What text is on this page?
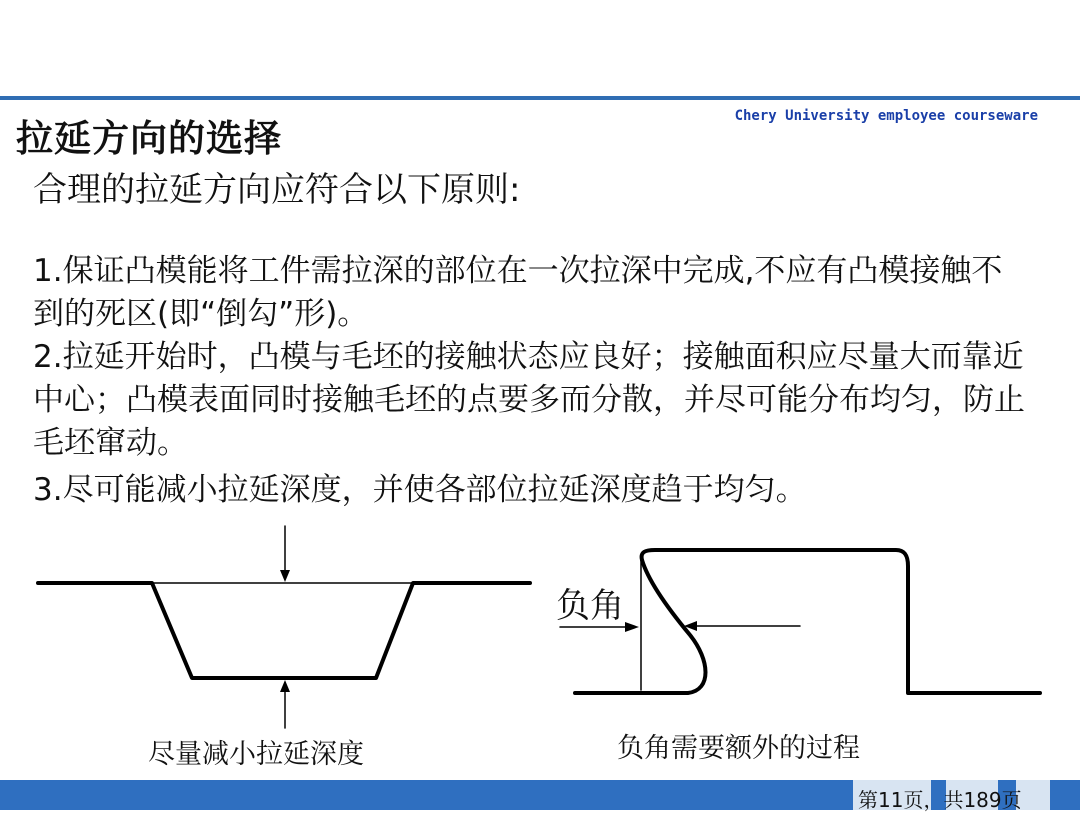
拉延方向的选择
Chery University employee courseware
合理的拉延方向应符合以下原则:

1.保证凸模能将工件需拉深的部位在一次拉深中完成,不应有凸模接触不到的死区(即“倒勾”形)。

2.拉延开始时，凸模与毛坯的接触状态应良好；接触面积应尽量大而靠近中心；凸模表面同时接触毛坯的点要多而分散，并尽可能分布均匀，防止毛坯窜动。

3.尽可能减小拉延深度，并使各部位拉延深度趋于均匀。

负角
尽量减小拉延深度	负角需要额外的过程
第11页，共189页
